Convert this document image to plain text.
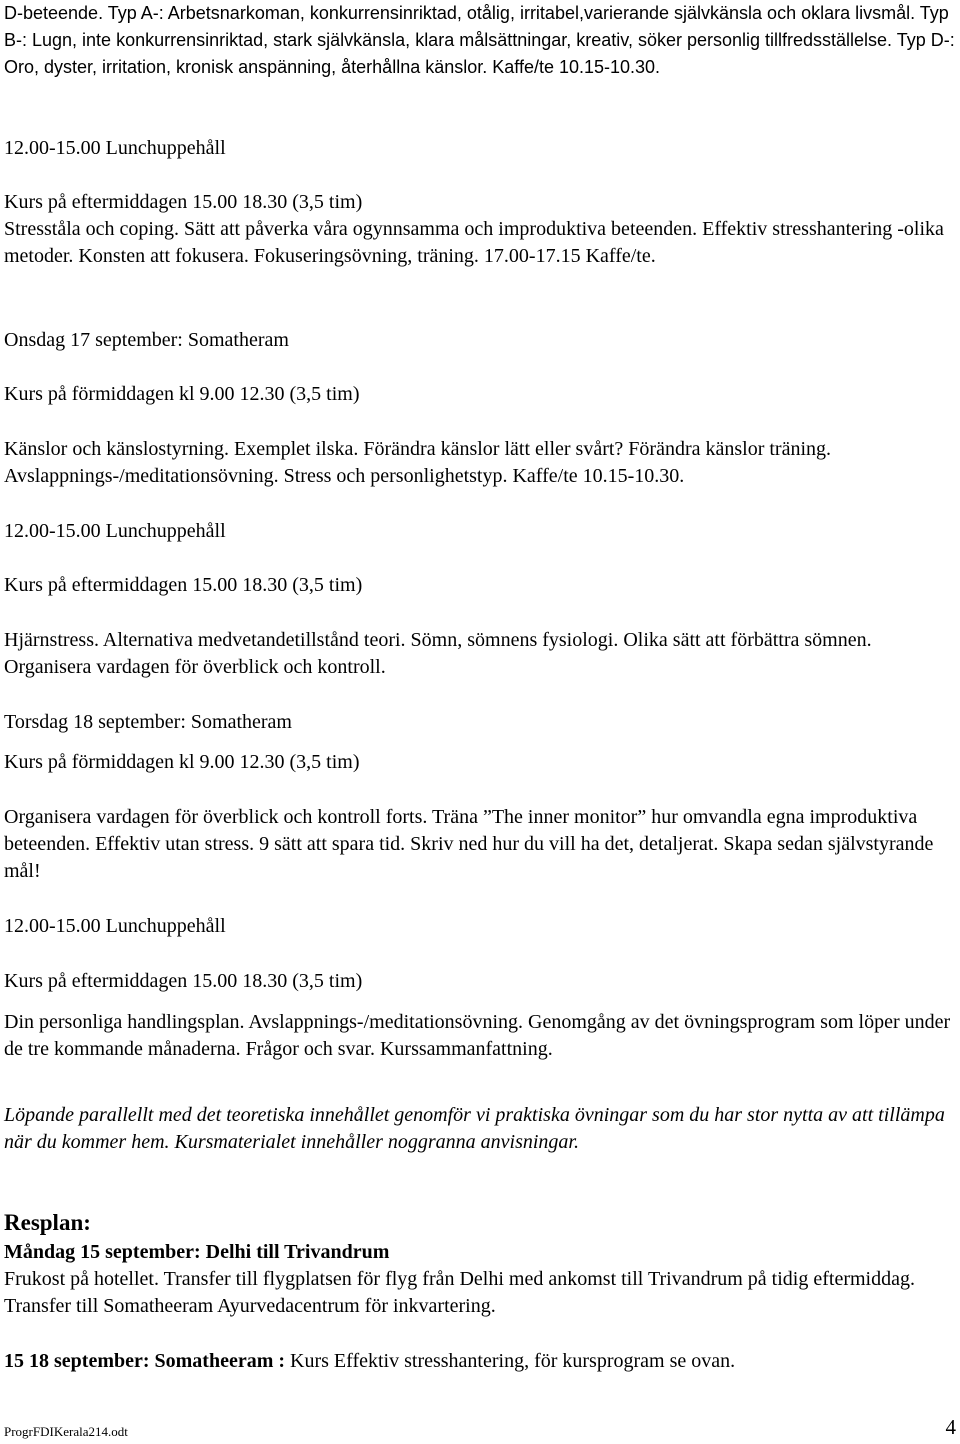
D-beteende. Typ A-: Arbetsnarkoman, konkurrensinriktad, otålig, irritabel,varierande självkänsla och oklara livsmål. Typ B-: Lugn, inte konkurrensinriktad, stark självkänsla, klara målsättningar, kreativ, söker personlig tillfredsställelse. Typ D-: Oro, dyster, irritation, kronisk anspänning, återhållna känslor. Kaffe/te 10.15-10.30.

12.00-15.00 Lunchuppehåll

Kurs på eftermiddagen 15.00 18.30 (3,5 tim)

Stresståla och coping. Sätt att påverka våra ogynnsamma och improduktiva beteenden. Effektiv stresshantering -olika metoder. Konsten att fokusera. Fokuseringsövning, träning. 17.00-17.15 Kaffe/te.

Onsdag 17 september: Somatheram

Kurs på förmiddagen kl 9.00 12.30 (3,5 tim)

Känslor och känslostyrning. Exemplet ilska. Förändra känslor lätt eller svårt? Förändra känslor träning. Avslappnings-/meditationsövning. Stress och personlighetstyp. Kaffe/te 10.15-10.30.

12.00-15.00 Lunchuppehåll

Kurs på eftermiddagen 15.00 18.30 (3,5 tim)

Hjärnstress. Alternativa medvetandetillstånd teori. Sömn, sömnens fysiologi. Olika sätt att förbättra sömnen. Organisera vardagen för överblick och kontroll.

Torsdag 18 september: Somatheram

Kurs på förmiddagen kl 9.00 12.30 (3,5 tim)

Organisera vardagen för överblick och kontroll forts. Träna ”The inner monitor” hur omvandla egna improduktiva beteenden. Effektiv utan stress. 9 sätt att spara tid. Skriv ned hur du vill ha det, detaljerat. Skapa sedan självstyrande mål!

12.00-15.00 Lunchuppehåll

Kurs på eftermiddagen 15.00 18.30 (3,5 tim)

Din personliga handlingsplan. Avslappnings-/meditationsövning. Genomgång av det övningsprogram som löper under de tre kommande månaderna. Frågor och svar. Kurssammanfattning.

Löpande parallellt med det teoretiska innehållet genomför vi praktiska övningar som du har stor nytta av att tillämpa när du kommer hem. Kursmaterialet innehåller noggranna anvisningar.

Resplan:

Måndag 15 september: Delhi till Trivandrum

Frukost på hotellet. Transfer till flygplatsen för flyg från Delhi med ankomst till Trivandrum på tidig eftermiddag. Transfer till Somatheeram Ayurvedacentrum för inkvartering.

15 18 september: Somatheeram : Kurs Effektiv stresshantering, för kursprogram se ovan.

ProgrFDIKerala214.odt	4
